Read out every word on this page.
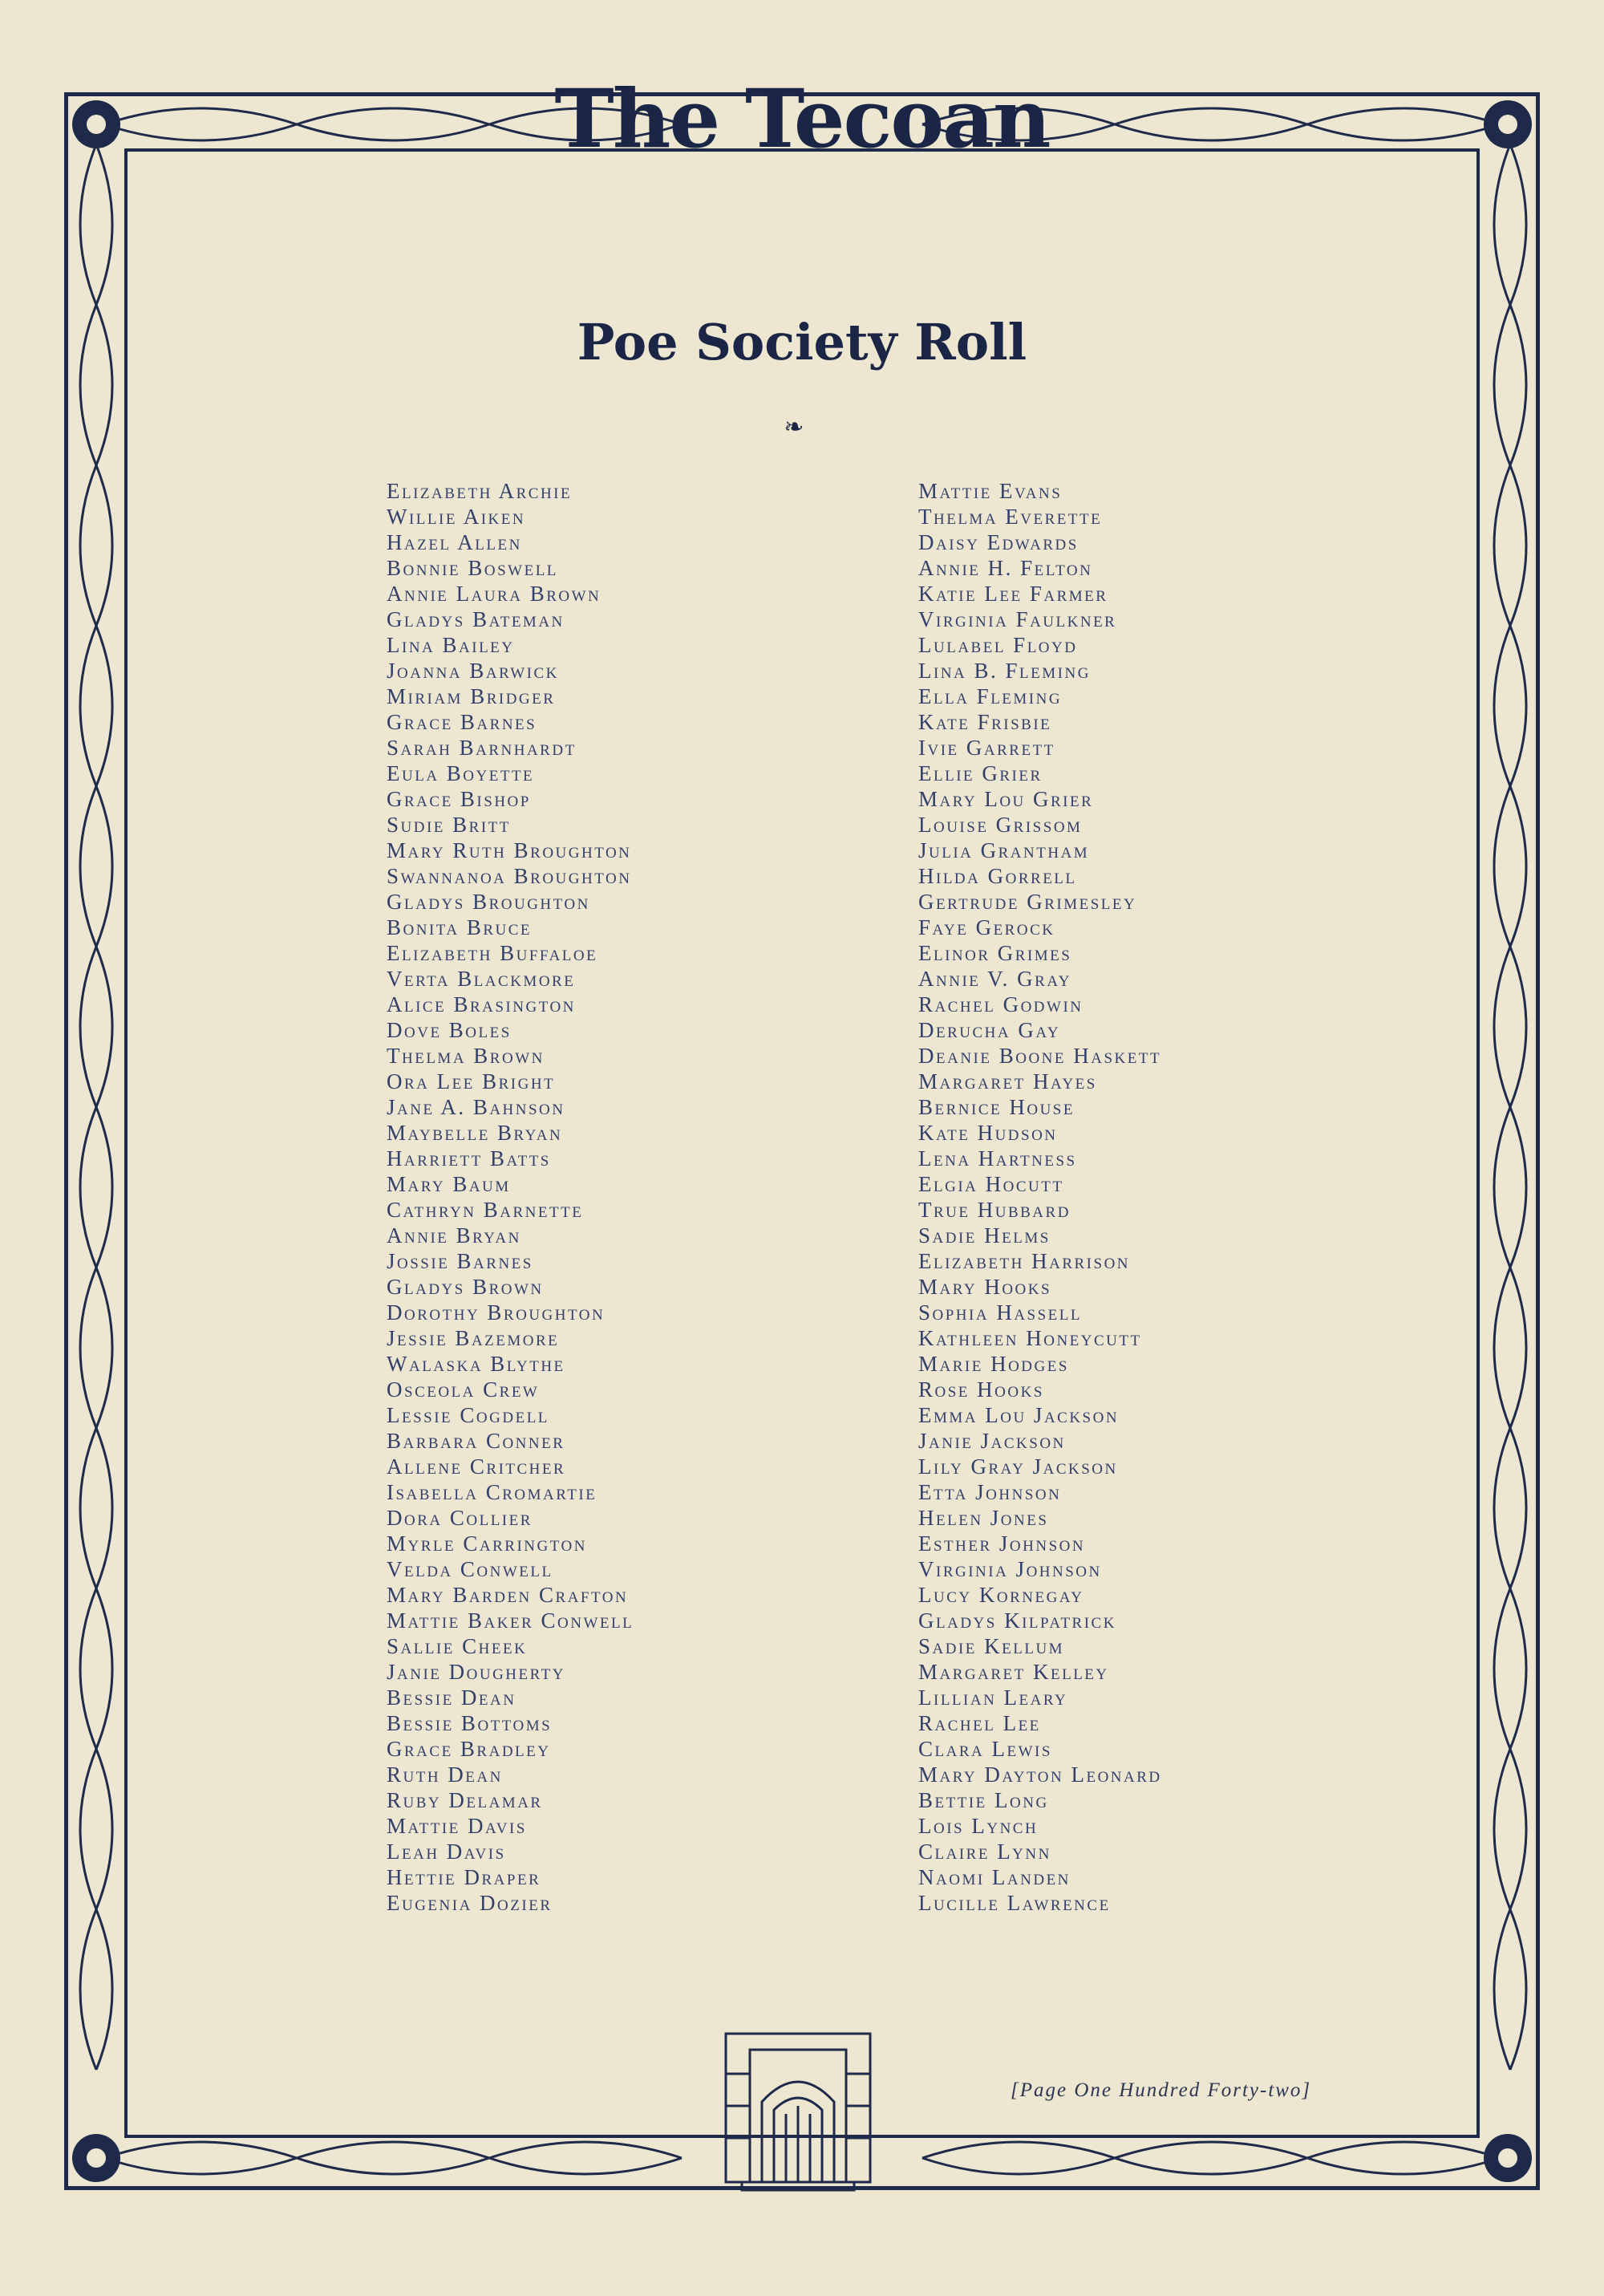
The Tecoan
Poe Society Roll
❧
Elizabeth Archie
Willie Aiken
Hazel Allen
Bonnie Boswell
Annie Laura Brown
Gladys Bateman
Lina Bailey
Joanna Barwick
Miriam Bridger
Grace Barnes
Sarah Barnhardt
Eula Boyette
Grace Bishop
Sudie Britt
Mary Ruth Broughton
Swannanoa Broughton
Gladys Broughton
Bonita Bruce
Elizabeth Buffaloe
Verta Blackmore
Alice Brasington
Dove Boles
Thelma Brown
Ora Lee Bright
Jane A. Bahnson
Maybelle Bryan
Harriett Batts
Mary Baum
Cathryn Barnette
Annie Bryan
Jossie Barnes
Gladys Brown
Dorothy Broughton
Jessie Bazemore
Walaska Blythe
Osceola Crew
Lessie Cogdell
Barbara Conner
Allene Critcher
Isabella Cromartie
Dora Collier
Myrle Carrington
Velda Conwell
Mary Barden Crafton
Mattie Baker Conwell
Sallie Cheek
Janie Dougherty
Bessie Dean
Bessie Bottoms
Grace Bradley
Ruth Dean
Ruby Delamar
Mattie Davis
Leah Davis
Hettie Draper
Eugenia Dozier
Mattie Evans
Thelma Everette
Daisy Edwards
Annie H. Felton
Katie Lee Farmer
Virginia Faulkner
Lulabel Floyd
Lina B. Fleming
Ella Fleming
Kate Frisbie
Ivie Garrett
Ellie Grier
Mary Lou Grier
Louise Grissom
Julia Grantham
Hilda Gorrell
Gertrude Grimesley
Faye Gerock
Elinor Grimes
Annie V. Gray
Rachel Godwin
Derucha Gay
Deanie Boone Haskett
Margaret Hayes
Bernice House
Kate Hudson
Lena Hartness
Elgia Hocutt
True Hubbard
Sadie Helms
Elizabeth Harrison
Mary Hooks
Sophia Hassell
Kathleen Honeycutt
Marie Hodges
Rose Hooks
Emma Lou Jackson
Janie Jackson
Lily Gray Jackson
Etta Johnson
Helen Jones
Esther Johnson
Virginia Johnson
Lucy Kornegay
Gladys Kilpatrick
Sadie Kellum
Margaret Kelley
Lillian Leary
Rachel Lee
Clara Lewis
Mary Dayton Leonard
Bettie Long
Lois Lynch
Claire Lynn
Naomi Landen
Lucille Lawrence
[Page One Hundred Forty-two]
